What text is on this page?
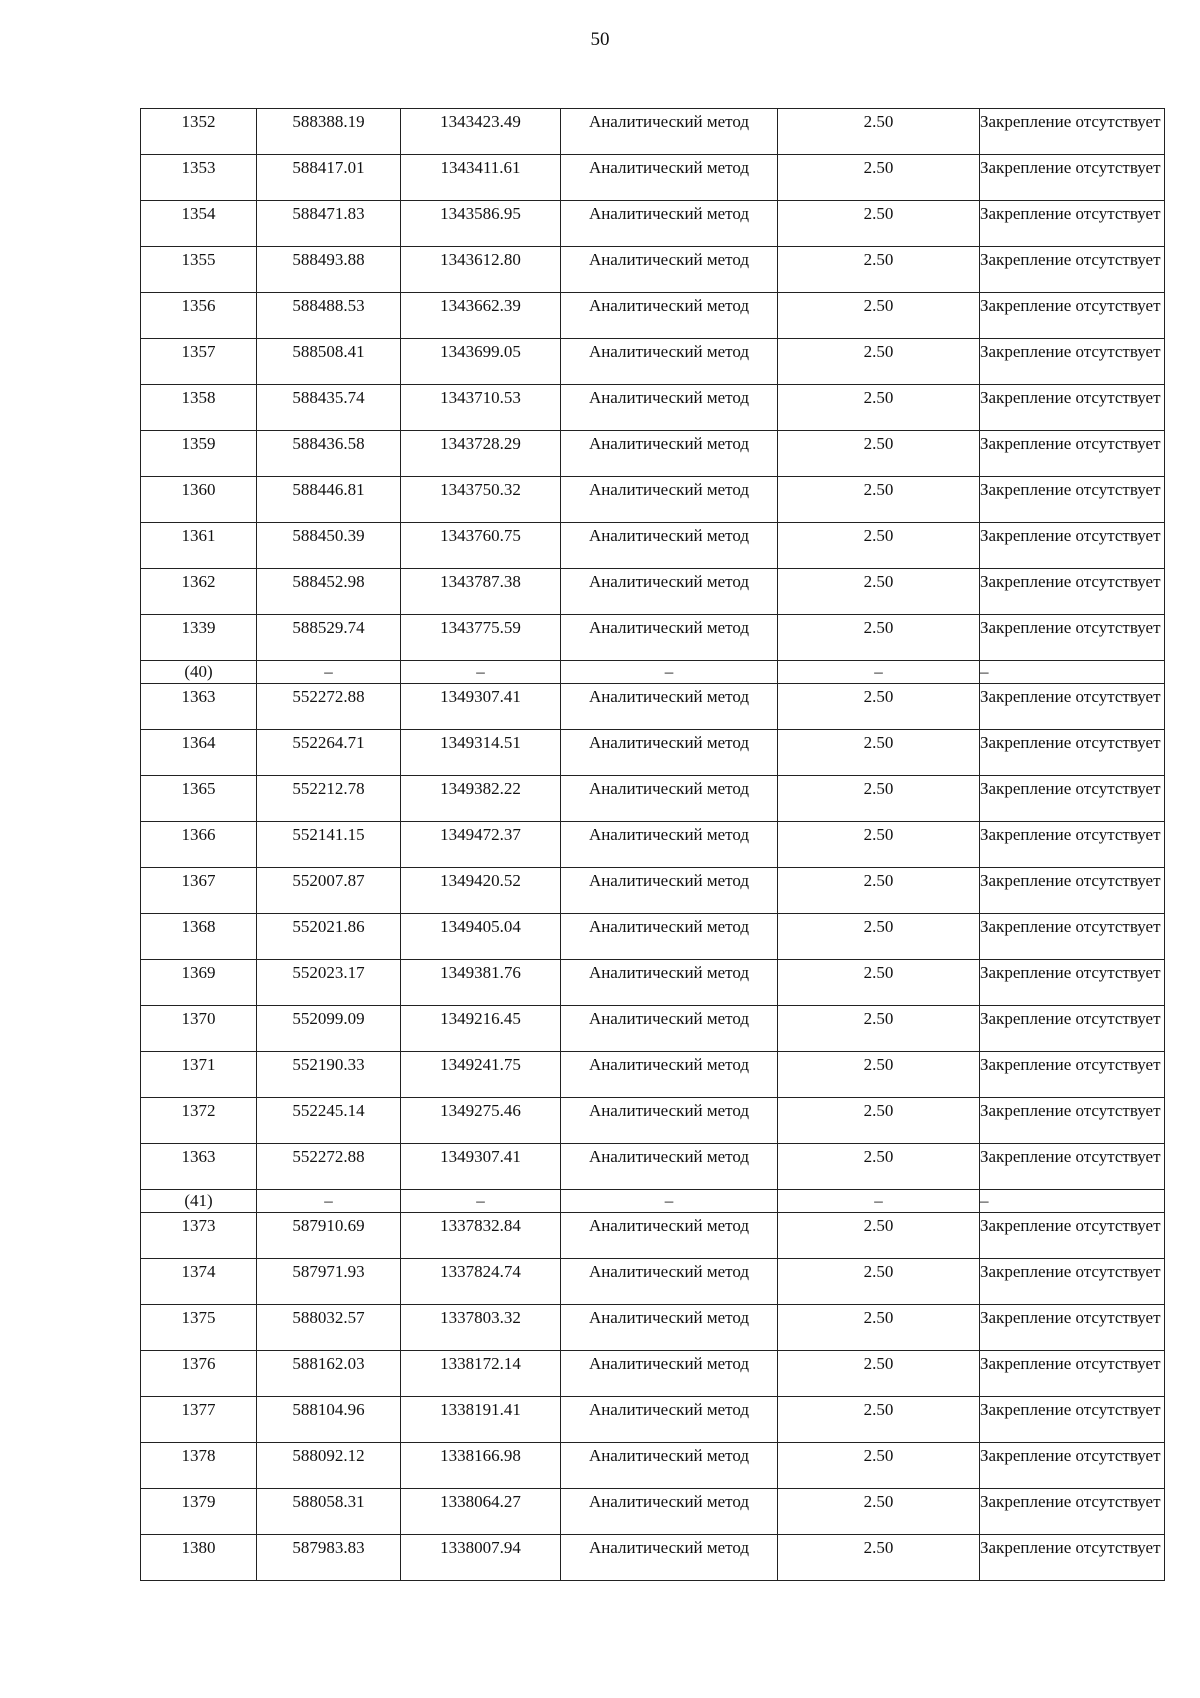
50
1352	588388.19	1343423.49	Аналитический метод	2.50	Закрепление отсутствует
1353	588417.01	1343411.61	Аналитический метод	2.50	Закрепление отсутствует
1354	588471.83	1343586.95	Аналитический метод	2.50	Закрепление отсутствует
1355	588493.88	1343612.80	Аналитический метод	2.50	Закрепление отсутствует
1356	588488.53	1343662.39	Аналитический метод	2.50	Закрепление отсутствует
1357	588508.41	1343699.05	Аналитический метод	2.50	Закрепление отсутствует
1358	588435.74	1343710.53	Аналитический метод	2.50	Закрепление отсутствует
1359	588436.58	1343728.29	Аналитический метод	2.50	Закрепление отсутствует
1360	588446.81	1343750.32	Аналитический метод	2.50	Закрепление отсутствует
1361	588450.39	1343760.75	Аналитический метод	2.50	Закрепление отсутствует
1362	588452.98	1343787.38	Аналитический метод	2.50	Закрепление отсутствует
1339	588529.74	1343775.59	Аналитический метод	2.50	Закрепление отсутствует
(40)	–	–	–	–	–
1363	552272.88	1349307.41	Аналитический метод	2.50	Закрепление отсутствует
1364	552264.71	1349314.51	Аналитический метод	2.50	Закрепление отсутствует
1365	552212.78	1349382.22	Аналитический метод	2.50	Закрепление отсутствует
1366	552141.15	1349472.37	Аналитический метод	2.50	Закрепление отсутствует
1367	552007.87	1349420.52	Аналитический метод	2.50	Закрепление отсутствует
1368	552021.86	1349405.04	Аналитический метод	2.50	Закрепление отсутствует
1369	552023.17	1349381.76	Аналитический метод	2.50	Закрепление отсутствует
1370	552099.09	1349216.45	Аналитический метод	2.50	Закрепление отсутствует
1371	552190.33	1349241.75	Аналитический метод	2.50	Закрепление отсутствует
1372	552245.14	1349275.46	Аналитический метод	2.50	Закрепление отсутствует
1363	552272.88	1349307.41	Аналитический метод	2.50	Закрепление отсутствует
(41)	–	–	–	–	–
1373	587910.69	1337832.84	Аналитический метод	2.50	Закрепление отсутствует
1374	587971.93	1337824.74	Аналитический метод	2.50	Закрепление отсутствует
1375	588032.57	1337803.32	Аналитический метод	2.50	Закрепление отсутствует
1376	588162.03	1338172.14	Аналитический метод	2.50	Закрепление отсутствует
1377	588104.96	1338191.41	Аналитический метод	2.50	Закрепление отсутствует
1378	588092.12	1338166.98	Аналитический метод	2.50	Закрепление отсутствует
1379	588058.31	1338064.27	Аналитический метод	2.50	Закрепление отсутствует
1380	587983.83	1338007.94	Аналитический метод	2.50	Закрепление отсутствует
